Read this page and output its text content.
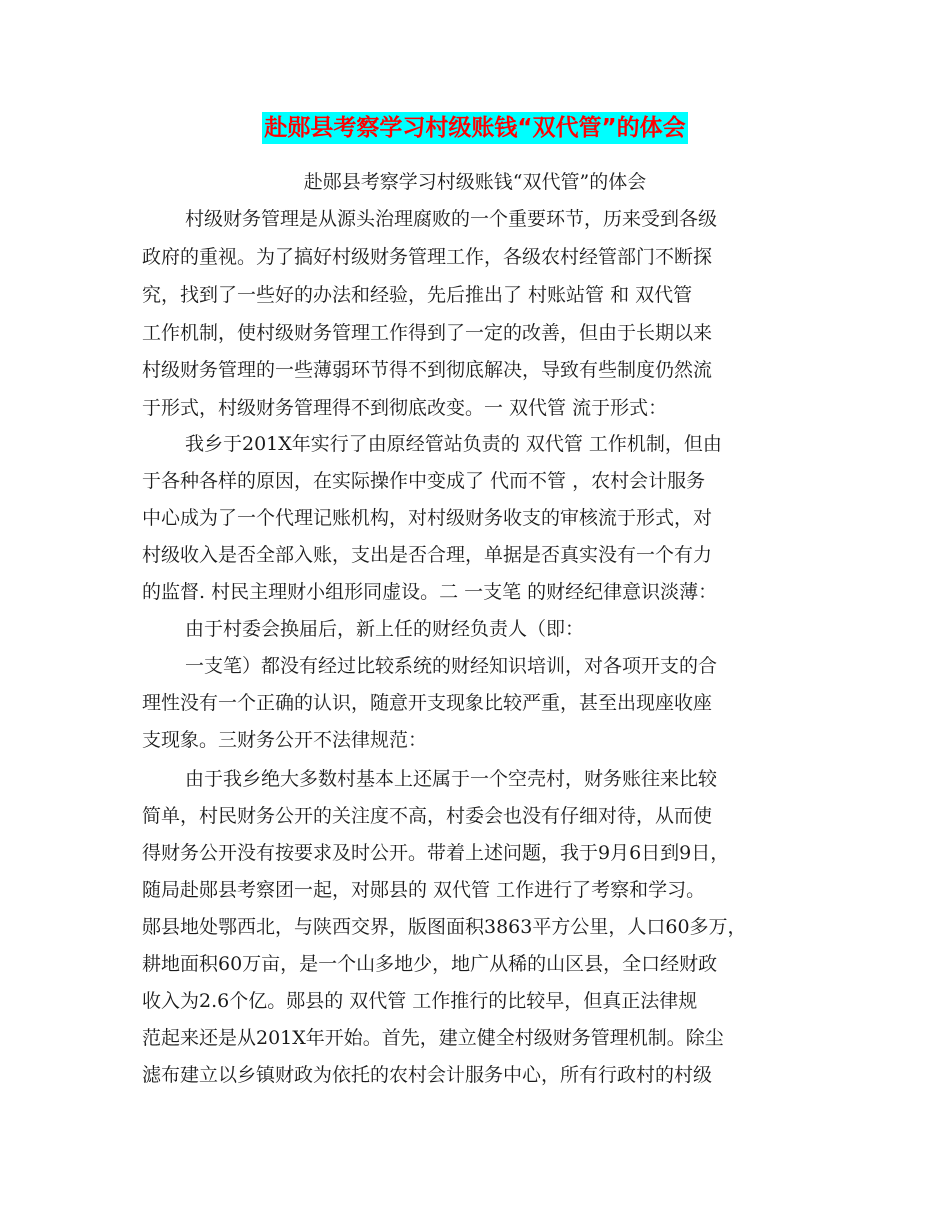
赴郧县考察学习村级账钱“双代管”的体会
赴郧县考察学习村级账钱“双代管”的体会
村级财务管理是从源头治理腐败的一个重要环节，历来受到各级
政府的重视。为了搞好村级财务管理工作，各级农村经管部门不断探
究，找到了一些好的办法和经验，先后推出了 村账站管 和 双代管
工作机制，使村级财务管理工作得到了一定的改善，但由于长期以来
村级财务管理的一些薄弱环节得不到彻底解决，导致有些制度仍然流
于形式，村级财务管理得不到彻底改变。一 双代管 流于形式：
我乡于201X年实行了由原经管站负责的 双代管 工作机制，但由
于各种各样的原因，在实际操作中变成了 代而不管 ，农村会计服务
中心成为了一个代理记账机构，对村级财务收支的审核流于形式，对
村级收入是否全部入账，支出是否合理，单据是否真实没有一个有力
的监督. 村民主理财小组形同虚设。二 一支笔 的财经纪律意识淡薄：
由于村委会换届后，新上任的财经负责人（即：
一支笔）都没有经过比较系统的财经知识培训，对各项开支的合
理性没有一个正确的认识，随意开支现象比较严重，甚至出现座收座
支现象。三财务公开不法律规范：
由于我乡绝大多数村基本上还属于一个空壳村，财务账往来比较
简单，村民财务公开的关注度不高，村委会也没有仔细对待，从而使
得财务公开没有按要求及时公开。带着上述问题，我于9月6日到9日，
随局赴郧县考察团一起，对郧县的 双代管 工作进行了考察和学习。
郧县地处鄂西北，与陕西交界，版图面积3863平方公里，人口60多万，
耕地面积60万亩，是一个山多地少，地广从稀的山区县，全口经财政
收入为2.6个亿。郧县的 双代管 工作推行的比较早，但真正法律规
范起来还是从201X年开始。首先，建立健全村级财务管理机制。除尘
滤布建立以乡镇财政为依托的农村会计服务中心，所有行政村的村级
